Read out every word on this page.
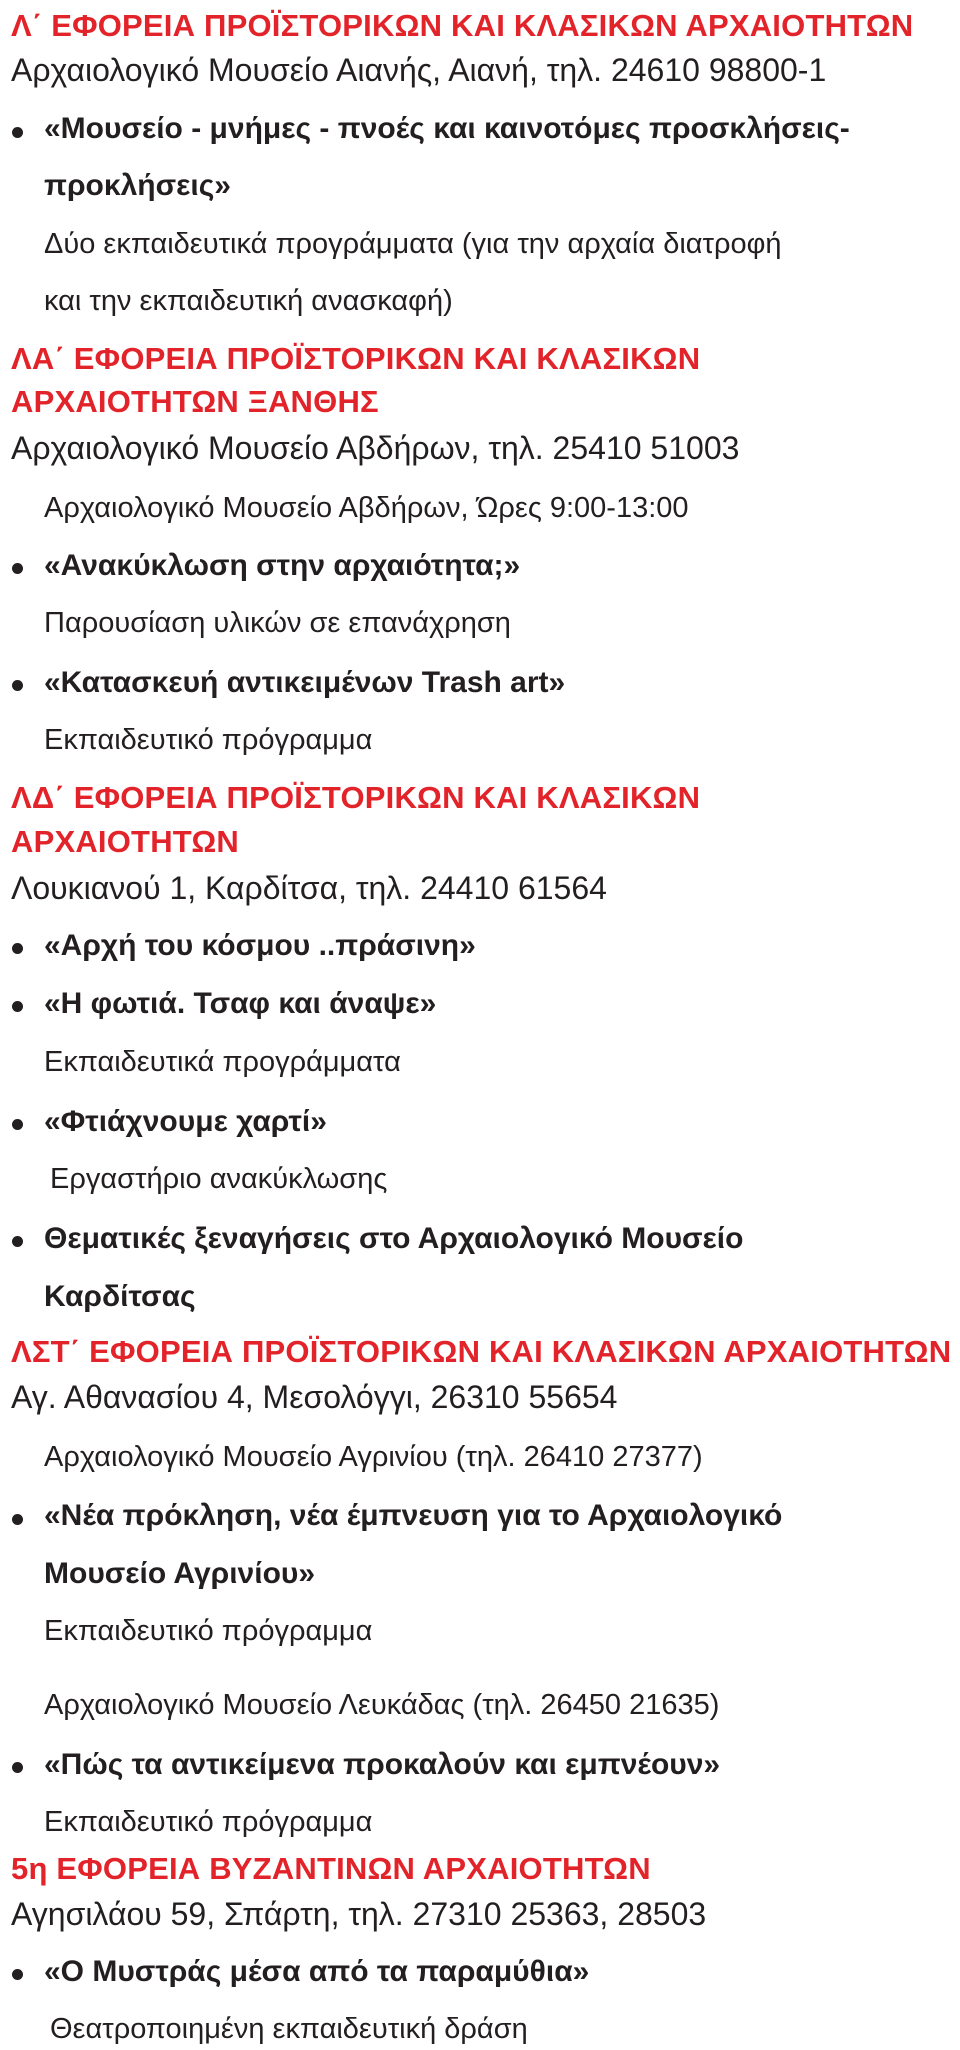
Λ΄ ΕΦΟΡΕΙΑ ΠΡΟΪΣΤΟΡΙΚΩΝ ΚΑΙ ΚΛΑΣΙΚΩΝ ΑΡΧΑΙΟΤΗΤΩΝ
Αρχαιολογικό Μουσείο Αιανής, Αιανή, τηλ. 24610 98800-1
«Μουσείο - μνήμες - πνοές και καινοτόμες προσκλήσεις-
προκλήσεις»
Δύο εκπαιδευτικά προγράμματα (για την αρχαία διατροφή
και την εκπαιδευτική ανασκαφή)
ΛΑ΄ ΕΦΟΡΕΙΑ ΠΡΟΪΣΤΟΡΙΚΩΝ ΚΑΙ ΚΛΑΣΙΚΩΝ
ΑΡΧΑΙΟΤΗΤΩΝ ΞΑΝΘΗΣ
Αρχαιολογικό Μουσείο Αβδήρων, τηλ. 25410 51003
Αρχαιολογικό Μουσείο Αβδήρων, Ώρες 9:00-13:00
«Ανακύκλωση στην αρχαιότητα;»
Παρουσίαση υλικών σε επανάχρηση
«Κατασκευή αντικειμένων Trash art»
Εκπαιδευτικό πρόγραμμα
ΛΔ΄ ΕΦΟΡΕΙΑ ΠΡΟΪΣΤΟΡΙΚΩΝ ΚΑΙ ΚΛΑΣΙΚΩΝ
ΑΡΧΑΙΟΤΗΤΩΝ
Λουκιανού 1, Καρδίτσα, τηλ. 24410 61564
«Αρχή του κόσμου ..πράσινη»
«Η φωτιά. Τσαφ και άναψε»
Εκπαιδευτικά προγράμματα
«Φτιάχνουμε χαρτί»
Εργαστήριο ανακύκλωσης
Θεματικές ξεναγήσεις στο Αρχαιολογικό Μουσείο
Καρδίτσας
ΛΣΤ΄ ΕΦΟΡΕΙΑ ΠΡΟΪΣΤΟΡΙΚΩΝ ΚΑΙ ΚΛΑΣΙΚΩΝ ΑΡΧΑΙΟΤΗΤΩΝ
Αγ. Αθανασίου 4, Μεσολόγγι, 26310 55654
Αρχαιολογικό Μουσείο Αγρινίου (τηλ. 26410 27377)
«Νέα πρόκληση, νέα έμπνευση για το Αρχαιολογικό
Μουσείο Αγρινίου»
Εκπαιδευτικό πρόγραμμα
Αρχαιολογικό Μουσείο Λευκάδας (τηλ. 26450 21635)
«Πώς τα αντικείμενα προκαλούν και εμπνέουν»
Εκπαιδευτικό πρόγραμμα
5η ΕΦΟΡΕΙΑ ΒΥΖΑΝΤΙΝΩΝ ΑΡΧΑΙΟΤΗΤΩΝ
Αγησιλάου 59, Σπάρτη, τηλ. 27310 25363, 28503
«Ο Μυστράς μέσα από τα παραμύθια»
Θεατροποιημένη εκπαιδευτική δράση
